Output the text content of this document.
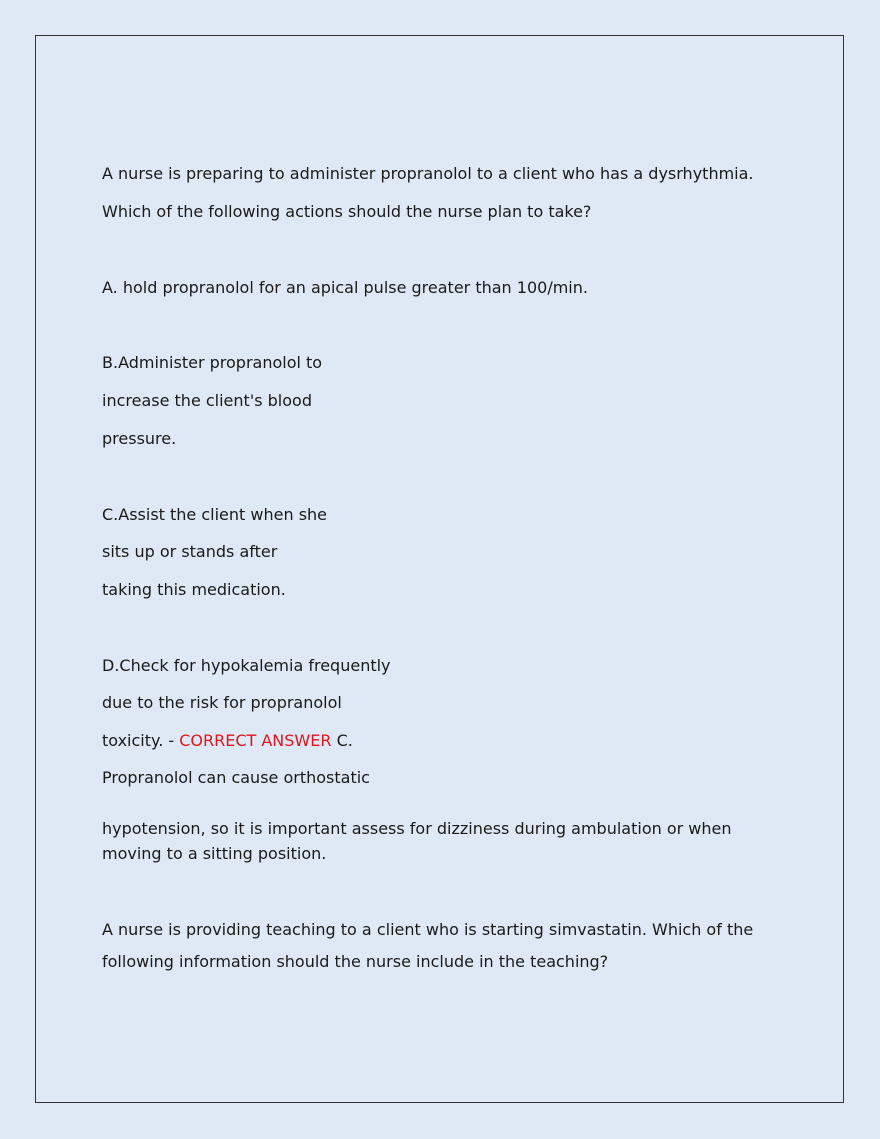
A nurse is preparing to administer propranolol to a client who has a dysrhythmia.

Which of the following actions should the nurse plan to take?

A. hold propranolol for an apical pulse greater than 100/min.

B.Administer propranolol to

increase the client's blood

pressure.

C.Assist the client when she

sits up or stands after

taking this medication.

D.Check for hypokalemia frequently

due to the risk for propranolol

toxicity. - CORRECT ANSWER C.

Propranolol can cause orthostatic

hypotension, so it is important assess for dizziness during ambulation or when moving to a sitting position.

A nurse is providing teaching to a client who is starting simvastatin. Which of the

following information should the nurse include in the teaching?
